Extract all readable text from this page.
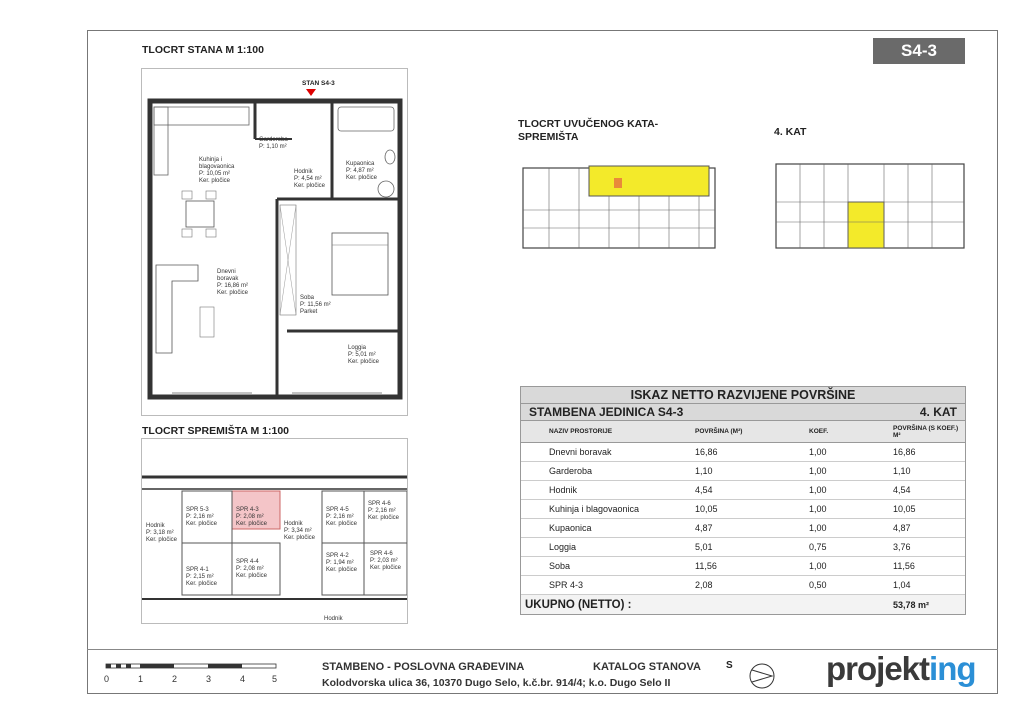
S4-3
TLOCRT STANA M 1:100
STAN S4-3
Garderoba
P: 1,10 m²
Kuhinja i
blagovaonica
P: 10,05 m²
Ker. pločice
Hodnik
P: 4,54 m²
Ker. pločice
Kupaonica
P: 4,87 m²
Ker. pločice
Dnevni
boravak
P: 16,86 m²
Ker. pločice
Soba
P: 11,56 m²
Parket
Loggia
P: 5,01 m²
Ker. pločice
TLOCRT SPREMIŠTA M 1:100
Hodnik
P: 3,18 m²
Ker. pločice
SPR 5-3
P: 2,16 m²
Ker. pločice
SPR 4-3
P: 2,08 m²
Ker. pločice	Hodnik
P: 3,34 m²
Ker. pločice
SPR 4-5
P: 2,16 m²
Ker. pločice
SPR 4-6
P: 2,16 m²
Ker. pločice
SPR 4-1
P: 2,15 m²
Ker. pločice
SPR 4-4
P: 2,08 m²
Ker. pločice
SPR 4-2
P: 1,94 m²
Ker. pločice
SPR 4-6
P: 2,03 m²
Ker. pločice
Hodnik
TLOCRT UVUČENOG KATA-
SPREMIŠTA	4. KAT
ISKAZ NETTO RAZVIJENE POVRŠINE
STAMBENA JEDINICA S4-3	4. KAT
NAZIV PROSTORIJE	POVRŠINA (M²)	KOEF.	POVRŠINA (S KOEF.) M²
Dnevni boravak	16,86	1,00	16,86
Garderoba	1,10	1,00	1,10
Hodnik	4,54	1,00	4,54
Kuhinja i blagovaonica	10,05	1,00	10,05
Kupaonica	4,87	1,00	4,87
Loggia	5,01	0,75	3,76
Soba	11,56	1,00	11,56
SPR 4-3	2,08	0,50	1,04
UKUPNO (NETTO) :	53,78 m²
0	1	2	3	4	5
STAMBENO - POSLOVNA GRAĐEVINA	KATALOG STANOVA
Kolodvorska ulica 36, 10370 Dugo Selo, k.č.br. 914/4; k.o. Dugo Selo II
S	projekting
